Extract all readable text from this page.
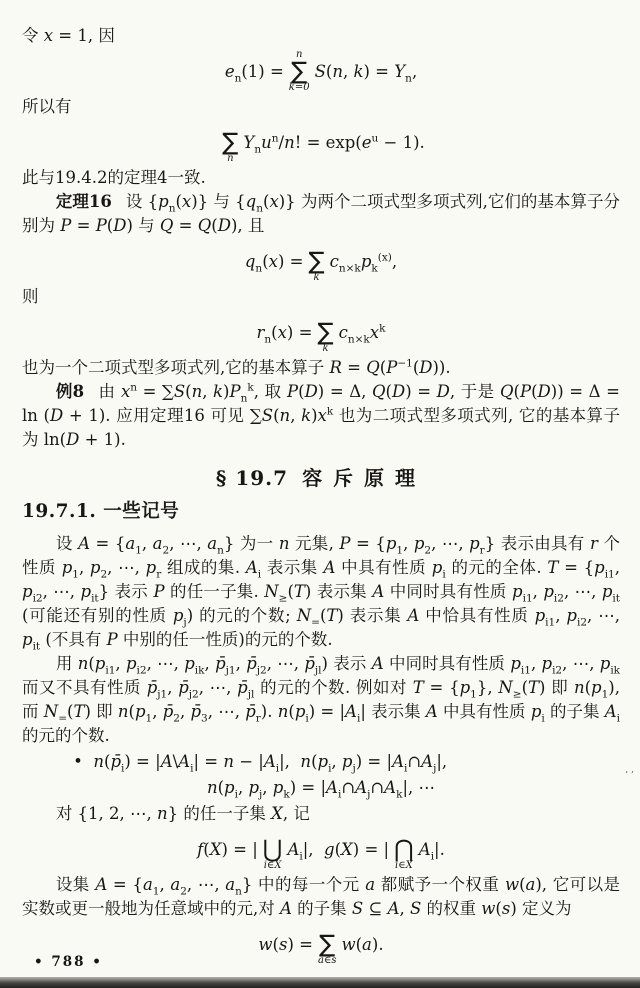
令 x = 1, 因

$e_n(1)$ =
n
∑
k=0
S(n, $k) = Y_n$,

所以有

∑
n
$Y_nu^n/n$! = $\exp(e^u - 1)$.

此与19.4.2的定理4一致.

定理16 设 $\{p_n(x)\}$ 与 $\{q_n(x)\}$ 为两个二项式型多项式列,它们的基本算子分别为 P = P(D) 与 Q = Q(D), 且

$q_n(x)$ = ∑
k
$c_{n\times k}p_k^{(x)}$,

则

$r_n(x)$ = ∑
k
$c_{n\times k}x^k$

也为一个二项式型多项式列,它的基本算子 $R = Q(P^{-1}(D))$.

例8 由 $x^n = \sum S(n$, $k)P_n^k$, 取 P(D) = Δ, Q(D) = D, 于是 Q(P(D)) = Δ = ln (D + 1). 应用定理16 可见 ∑S(n, $k)x^k$ 也为二项式型多项式列, 它的基本算子为 ln(D + 1).

§ 19.7 容斥原理
19.7.1. 一些记号

设 $A = \{a_1$, $a_2$, ⋯, $a_n$} 为一 n 元集, $P = \{p_1$, $p_2$, ⋯, $p_r$} 表示由具有 r 个性质 $p_1$, $p_2$, ⋯, $p_r$ 组成的集. $A_i$ 表示集 A 中具有性质 $p_i$ 的元的全体. $T = \{p_{i1}$, $p_{i2}$, ⋯, $p_{it}$} 表示 P 的任一子集. $N_\ge(T)$ 表示集 A 中同时具有性质 $p_{i1}$, $p_{i2}$, ⋯, $p_{it}$ (可能还有别的性质 $p_j$) 的元的个数; $N_=(T)$ 表示集 A 中恰具有性质 $p_{i1}$, $p_{i2}$, ⋯, $p_{it}$ (不具有 P 中别的任一性质)的元的个数.

用 $n(p_{i1}$, $p_{i2}$, ⋯, $p_{ik}$, $p̄_{j1}$, $p̄_{j2}$, ⋯, $p̄_{jl}$) 表示 A 中同时具有性质 $p_{i1}$, $p_{i2}$, ⋯, $p_{ik}$ 而又不具有性质 $p̄_{j1}$, $p̄_{j2}$, ⋯, $p̄_{jl}$ 的元的个数. 例如对 $T = \{p_1\}$, $N_\ge(T)$ 即 $n(p_1)$, 而 $N_=(T)$ 即 $n(p_1$, $p̄_2$, $p̄_3$, ⋯, $p̄_r$). $n(p_i) = |A_i|$ 表示集 A 中具有性质 $p_i$ 的子集 $A_i$ 的元的个数.

•  $n(p̄_i)$ = $|A\backslash A_i| = n - |A_i|$,  $n(p_i$, $p_j$) = $|A_i\cap A_j|$,

$n(p_i$, $p_j$, $p_k$) = $|A_i\cap A_j\cap A_k|$, ⋯

对 {1, 2, ⋯, n} 的任一子集 X, 记

f(X) = | ⋃
i∈X
$A_i|$,  g(X) = | ⋂
i∈X
$A_i|$.

设集 $A = \{a_1$, $a_2$, ⋯, $a_n$} 中的每一个元 a 都赋予一个权重 w(a), 它可以是实数或更一般地为任意域中的元,对 A 的子集 S ⊆ A, S 的权重 w(s) 定义为

w(s) = ∑
a∈s
w(a).
• 788 •
, ,
